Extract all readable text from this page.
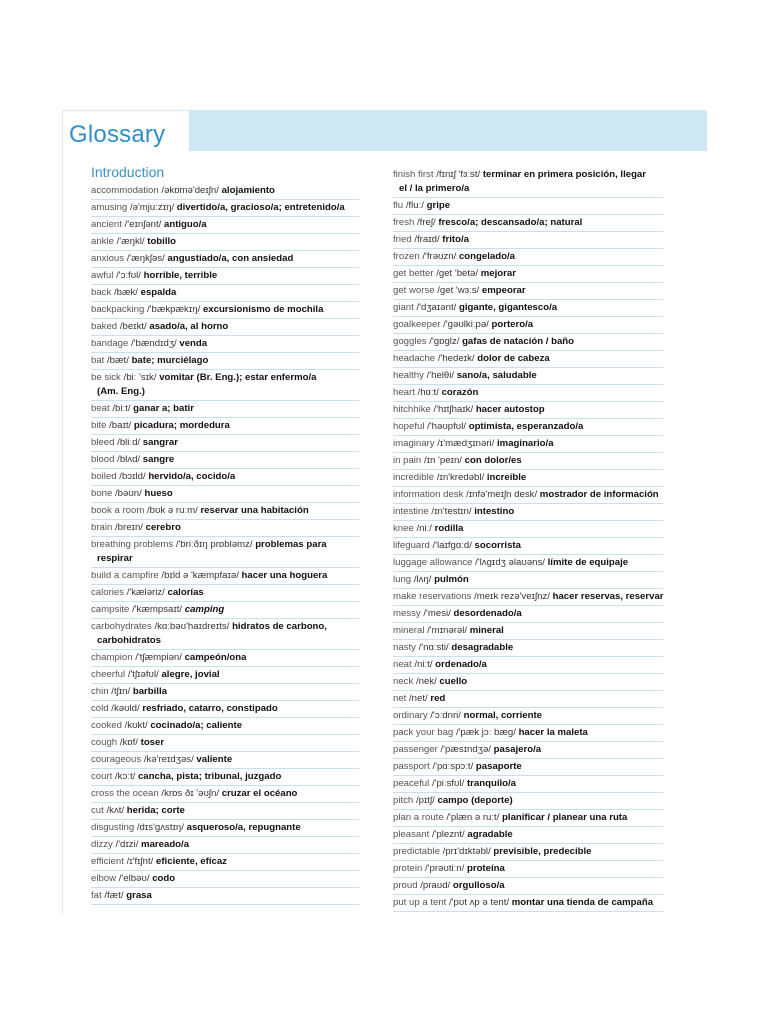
Glossary
Introduction
accommodation /əkɒmə'deɪʃn/ alojamiento
amusing /ə'mjuːzɪŋ/ divertido/a, gracioso/a; entretenido/a
ancient /'eɪnʃənt/ antiguo/a
ankle /'æŋkl/ tobillo
anxious /'æŋkʃəs/ angustiado/a, con ansiedad
awful /'ɔːfʊl/ horrible, terrible
back /bæk/ espalda
backpacking /'bækpækɪŋ/ excursionismo de mochila
baked /beɪkt/ asado/a, al horno
bandage /'bændɪdʒ/ venda
bat /bæt/ bate; murciélago
be sick /biː 'sɪk/ vomitar (Br. Eng.); estar enfermo/a
(Am. Eng.)
beat /biːt/ ganar a; batir
bite /baɪt/ picadura; mordedura
bleed /bliːd/ sangrar
blood /blʌd/ sangre
boiled /bɔɪld/ hervido/a, cocido/a
bone /bəʊn/ hueso
book a room /bʊk ə ruːm/ reservar una habitación
brain /breɪn/ cerebro
breathing problems /'briːðɪŋ prɒbləmz/ problemas para
respirar
build a campfire /bɪld ə 'kæmpfaɪə/ hacer una hoguera
calories /'kæləriz/ calorías
campsite /'kæmpsaɪt/ camping
carbohydrates /kɑːbəʊ'haɪdreɪts/ hidratos de carbono,
carbohidratos
champion /'tʃæmpiən/ campeón/ona
cheerful /'tʃɪəfʊl/ alegre, jovial
chin /tʃɪn/ barbilla
cold /kəʊld/ resfriado, catarro, constipado
cooked /kʊkt/ cocinado/a; caliente
cough /kɒf/ toser
courageous /kə'reɪdʒəs/ valiente
court /kɔːt/ cancha, pista; tribunal, juzgado
cross the ocean /krɒs ðɪ 'əʊʃn/ cruzar el océano
cut /kʌt/ herida; corte
disgusting /dɪs'gʌstɪŋ/ asqueroso/a, repugnante
dizzy /'dɪzi/ mareado/a
efficient /ɪ'fɪʃnt/ eficiente, eficaz
elbow /'elbəʊ/ codo
fat /fæt/ grasa
finish first /fɪnɪʃ 'fɜːst/ terminar en primera posición, llegar
el / la primero/a
flu /fluː/ gripe
fresh /freʃ/ fresco/a; descansado/a; natural
fried /fraɪd/ frito/a
frozen /'frəʊzn/ congelado/a
get better /get 'betə/ mejorar
get worse /get 'wɜːs/ empeorar
giant /'dʒaɪənt/ gigante, gigantesco/a
goalkeeper /'gəʊlkiːpə/ portero/a
goggles /'gɒglz/ gafas de natación / baño
headache /'hedeɪk/ dolor de cabeza
healthy /'helθi/ sano/a, saludable
heart /hɑːt/ corazón
hitchhike /'hɪtʃhaɪk/ hacer autostop
hopeful /'həʊpfʊl/ optimista, esperanzado/a
imaginary /ɪ'mædʒɪnəri/ imaginario/a
in pain /ɪn 'peɪn/ con dolor/es
incredible /ɪn'kredəbl/ increíble
information desk /ɪnfə'meɪʃn desk/ mostrador de información
intestine /ɪn'testɪn/ intestino
knee /niː/ rodilla
lifeguard /'laɪfgɑːd/ socorrista
luggage allowance /'lʌgɪdʒ əlaʊəns/ límite de equipaje
lung /lʌŋ/ pulmón
make reservations /meɪk rezə'veɪʃnz/ hacer reservas, reservar
messy /'mesi/ desordenado/a
mineral /'mɪnərəl/ mineral
nasty /'nɑːsti/ desagradable
neat /niːt/ ordenado/a
neck /nek/ cuello
net /net/ red
ordinary /'ɔːdnri/ normal, corriente
pack your bag /'pæk jɔː bæg/ hacer la maleta
passenger /'pæsɪndʒə/ pasajero/a
passport /'pɑːspɔːt/ pasaporte
peaceful /'piːsfʊl/ tranquilo/a
pitch /pɪtʃ/ campo (deporte)
plan a route /'plæn ə ruːt/ planificar / planear una ruta
pleasant /'pleznt/ agradable
predictable /prɪ'dɪktəbl/ previsible, predecible
protein /'prəʊtiːn/ proteína
proud /praʊd/ orgulloso/a
put up a tent /'pʊt ʌp ə tent/ montar una tienda de campaña
